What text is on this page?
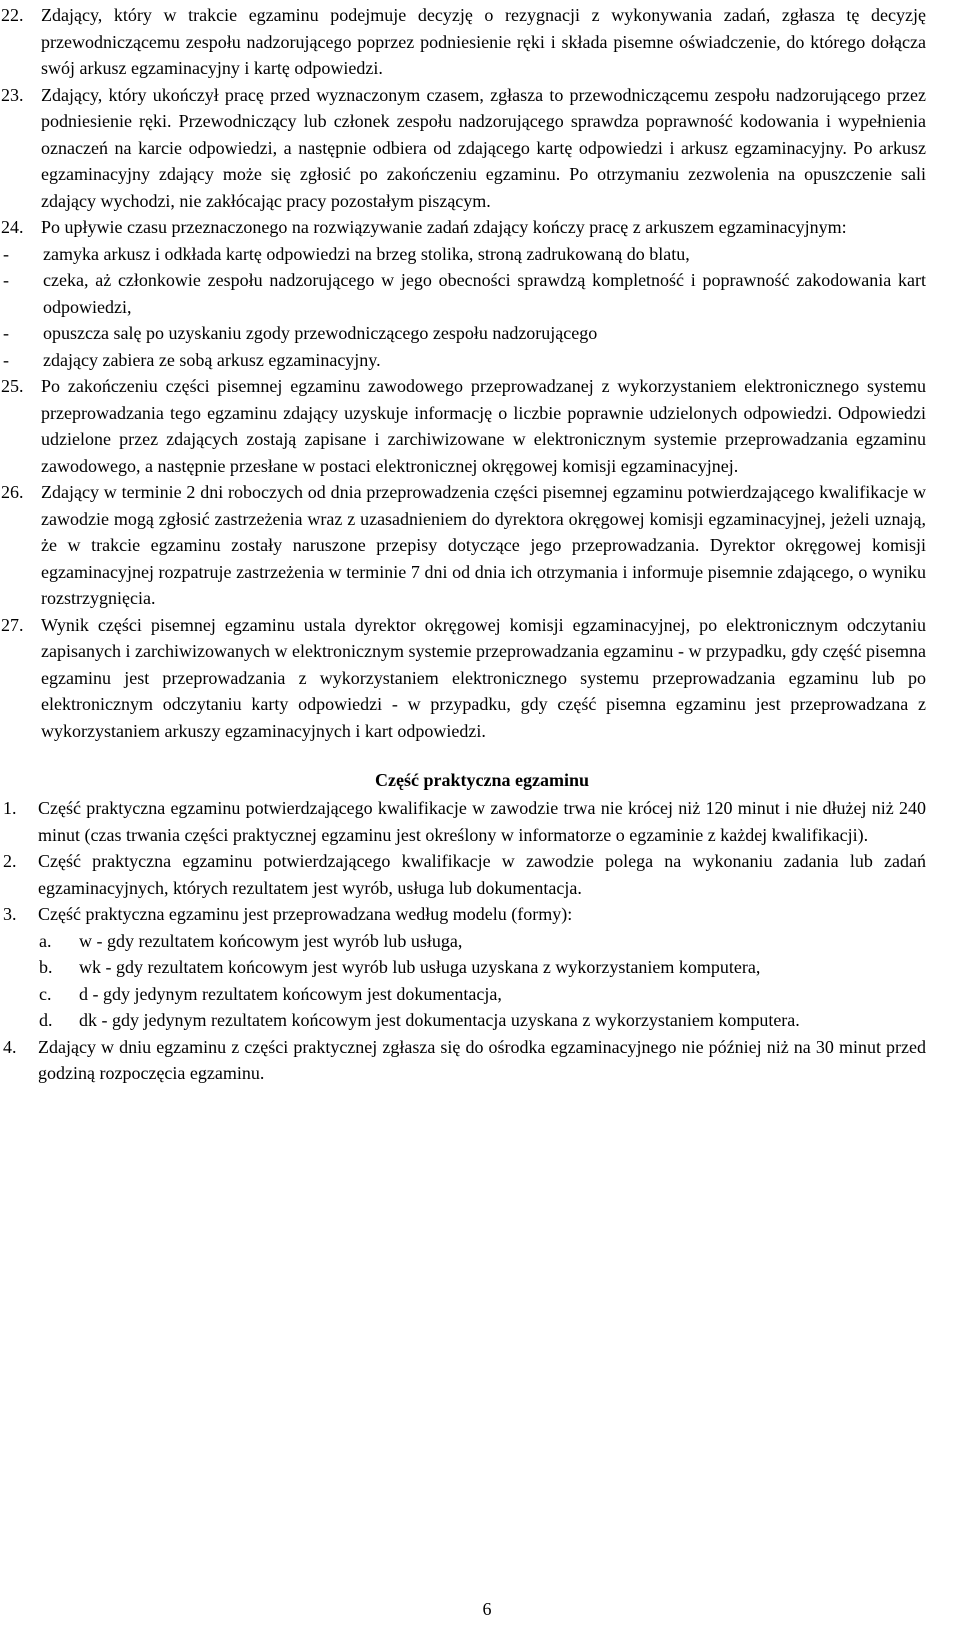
22. Zdający, który w trakcie egzaminu podejmuje decyzję o rezygnacji z wykonywania zadań, zgłasza tę decyzję przewodniczącemu zespołu nadzorującego poprzez podniesienie ręki i składa pisemne oświadczenie, do którego dołącza swój arkusz egzaminacyjny i kartę odpowiedzi.
23. Zdający, który ukończył pracę przed wyznaczonym czasem, zgłasza to przewodniczącemu zespołu nadzorującego przez podniesienie ręki. Przewodniczący lub członek zespołu nadzorującego sprawdza poprawność kodowania i wypełnienia oznaczeń na karcie odpowiedzi, a następnie odbiera od zdającego kartę odpowiedzi i arkusz egzaminacyjny. Po arkusz egzaminacyjny zdający może się zgłosić po zakończeniu egzaminu. Po otrzymaniu zezwolenia na opuszczenie sali zdający wychodzi, nie zakłócając pracy pozostałym piszącym.
24. Po upływie czasu przeznaczonego na rozwiązywanie zadań zdający kończy pracę z arkuszem egzaminacyjnym:
-	zamyka arkusz i odkłada kartę odpowiedzi na brzeg stolika, stroną zadrukowaną do blatu,
-	czeka, aż członkowie zespołu nadzorującego w jego obecności sprawdzą kompletność i poprawność zakodowania kart odpowiedzi,
-	opuszcza salę po uzyskaniu zgody przewodniczącego zespołu nadzorującego
-	zdający zabiera ze sobą arkusz egzaminacyjny.
25. Po zakończeniu części pisemnej egzaminu zawodowego przeprowadzanej z wykorzystaniem elektronicznego systemu przeprowadzania tego egzaminu zdający uzyskuje informację o liczbie poprawnie udzielonych odpowiedzi. Odpowiedzi udzielone przez zdających zostają zapisane i zarchiwizowane w elektronicznym systemie przeprowadzania egzaminu zawodowego, a następnie przesłane w postaci elektronicznej okręgowej komisji egzaminacyjnej.
26. Zdający w terminie 2 dni roboczych od dnia przeprowadzenia części pisemnej egzaminu potwierdzającego kwalifikacje w zawodzie mogą zgłosić zastrzeżenia wraz z uzasadnieniem do dyrektora okręgowej komisji egzaminacyjnej, jeżeli uznają, że w trakcie egzaminu zostały naruszone przepisy dotyczące jego przeprowadzania. Dyrektor okręgowej komisji egzaminacyjnej rozpatruje zastrzeżenia w terminie 7 dni od dnia ich otrzymania i informuje pisemnie zdającego, o wyniku rozstrzygnięcia.
27. Wynik części pisemnej egzaminu ustala dyrektor okręgowej komisji egzaminacyjnej, po elektronicznym odczytaniu zapisanych i zarchiwizowanych w elektronicznym systemie przeprowadzania egzaminu - w przypadku, gdy część pisemna egzaminu jest przeprowadzania z wykorzystaniem elektronicznego systemu przeprowadzania egzaminu lub po elektronicznym odczytaniu karty odpowiedzi - w przypadku, gdy część pisemna egzaminu jest przeprowadzana z wykorzystaniem arkuszy egzaminacyjnych i kart odpowiedzi.
Część praktyczna egzaminu
1.	Część praktyczna egzaminu potwierdzającego kwalifikacje w zawodzie trwa nie krócej niż 120 minut i nie dłużej niż 240 minut (czas trwania części praktycznej egzaminu jest określony w informatorze o egzaminie z każdej kwalifikacji).
2.	Część praktyczna egzaminu potwierdzającego kwalifikacje w zawodzie polega na wykonaniu zadania lub zadań egzaminacyjnych, których rezultatem jest wyrób, usługa lub dokumentacja.
3.	Część praktyczna egzaminu jest przeprowadzana według modelu (formy):
a.	w - gdy rezultatem końcowym jest wyrób lub usługa,
b.	wk - gdy rezultatem końcowym jest wyrób lub usługa uzyskana z wykorzystaniem komputera,
c.	d - gdy jedynym rezultatem końcowym jest dokumentacja,
d.	dk - gdy jedynym rezultatem końcowym jest dokumentacja uzyskana z wykorzystaniem komputera.
4.	Zdający w dniu egzaminu z części praktycznej zgłasza się do ośrodka egzaminacyjnego nie później niż na 30 minut przed godziną rozpoczęcia egzaminu.
6
